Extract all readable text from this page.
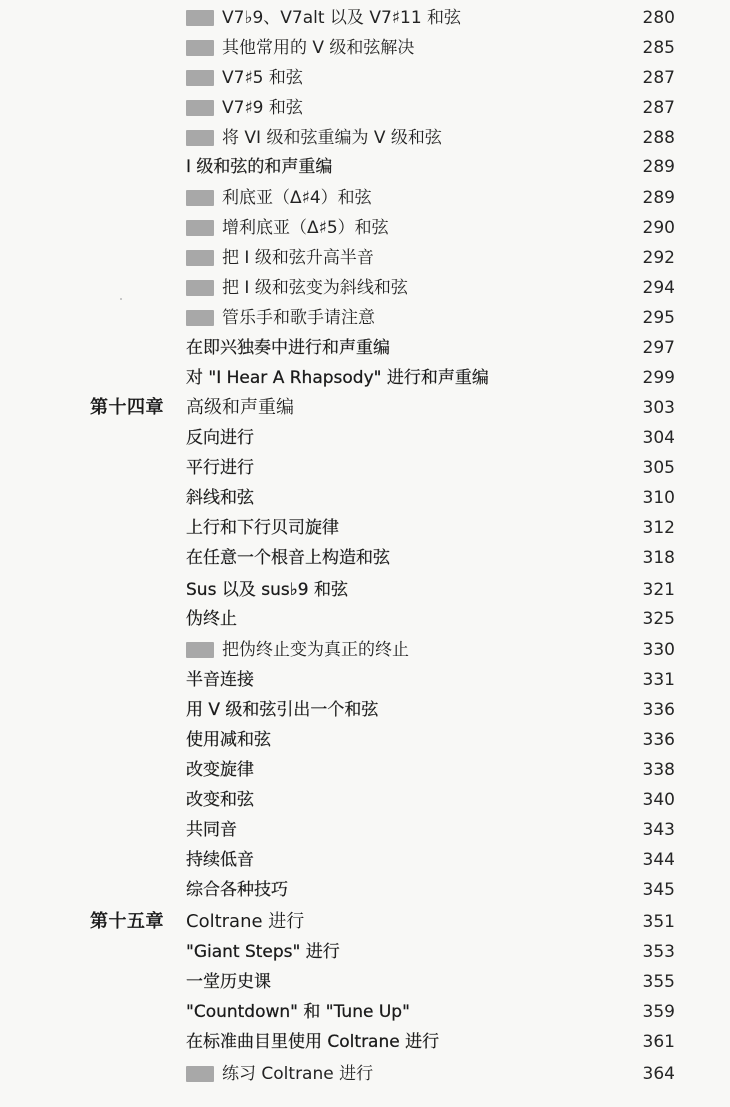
V7♭9、V7alt 以及 V7♯11 和弦	280
其他常用的 V 级和弦解决	285
V7♯5 和弦	287
V7♯9 和弦	287
将 VI 级和弦重编为 V 级和弦	288
I 级和弦的和声重编	289
利底亚（Δ♯4）和弦	289
增利底亚（Δ♯5）和弦	290
把 I 级和弦升高半音	292
把 I 级和弦变为斜线和弦	294
管乐手和歌手请注意	295
在即兴独奏中进行和声重编	297
对 "I Hear A Rhapsody" 进行和声重编	299
第十四章 高级和声重编	303
反向进行	304
平行进行	305
斜线和弦	310
上行和下行贝司旋律	312
在任意一个根音上构造和弦	318
Sus 以及 sus♭9 和弦	321
伪终止	325
把伪终止变为真正的终止	330
半音连接	331
用 V 级和弦引出一个和弦	336
使用减和弦	336
改变旋律	338
改变和弦	340
共同音	343
持续低音	344
综合各种技巧	345
第十五章 Coltrane 进行	351
"Giant Steps" 进行	353
一堂历史课	355
"Countdown" 和 "Tune Up"	359
在标准曲目里使用 Coltrane 进行	361
练习 Coltrane 进行	364
